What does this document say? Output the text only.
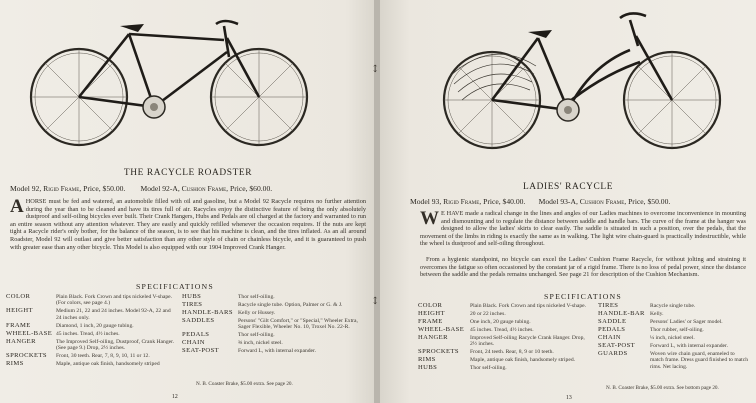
THE RACYCLE ROADSTER
Model 92, Rigid Frame, Price, $50.00. Model 92-A, Cushion Frame, Price, $60.00.
AHORSE must be fed and watered, an automobile filled with oil and gasoline, but a Model 92 Racycle requires no further attention during the year than to be cleaned and have its tires full of air. Racycles enjoy the distinctive feature of being the only absolutely dustproof and self-oiling bicycles ever built. Their Crank Hangers, Hubs and Pedals are oil charged at the factory and warranted to run an entire season without any attention whatever. They are easily and quickly refilled whenever the occasion requires. If the nuts are kept tight a Racycle rider's only bother, for the balance of the season, is to see that his machine is clean, and the tires inflated. As an all around Roadster, Model 92 will outlast and give better satisfaction than any other style of chain or chainless bicycle, and it is guaranteed to push with greater ease than any other bicycle. This Model is also equipped with our 1904 Improved Crank Hanger.
SPECIFICATIONS
COLOR	Plain Black. Fork Crown and tips nickeled V-shape. (For colors, see page 4.)
HEIGHT	Medium 21, 22 and 24 inches. Model 92-A, 22 and 24 inches only.
FRAME	Diamond, 1 inch, 20 gauge tubing.
WHEEL-BASE 45 inches. Tread, 4½ inches.
HANGER	The Improved Self-oiling, Dustproof, Crank Hanger. (See page 9.) Drop, 2½ inches.
SPROCKETS	Front, 30 teeth. Rear, 7, 8, 9, 10, 11 or 12.
RIMS	Maple, antique oak finish, handsomely striped
HUBS	Thor self-oiling.
TIRES	Racycle single tube. Option, Palmer or G. & J.
HANDLE-BARS Kelly or Hussey.
SADDLES	Persons' "Gilt Comfort," or "Special," Wheeler Extra, Sager Flexible, Wheeler No. 10, Troxel No. 22-R.
PEDALS	Thor self-oiling.
CHAIN	⅜ inch, nickel steel.
SEAT-POST	Forward L, with internal expander.
N. B. Coaster Brake, $5.00 extra. See page 20.
12
↕
↕
LADIES' RACYCLE
Model 93, Rigid Frame, Price, $40.00. Model 93-A, Cushion Frame, Price, $50.00.
W E HAVE made a radical change in the lines and angles of our Ladies machines to overcome inconvenience in mounting and dismounting and to regulate the distance between saddle and handle bars. The curve of the frame at the hanger was designed to allow the ladies' skirts to clear easily. The saddle is situated in such a position, over the pedals, that the movement of the limbs in riding is exactly the same as in walking. The light wire chain-guard is practically indestructible, while the wheel is dustproof and self-oiling throughout.
From a hygienic standpoint, no bicycle can excel the Ladies' Cushion Frame Racycle, for without jolting and straining it overcomes the fatigue so often occasioned by the constant jar of a rigid frame. There is no loss of pedal power, since the distance between the saddle and the pedals remains unchanged. See page 21 for description of the Cushion Mechanism.
SPECIFICATIONS
COLOR	Plain Black. Fork Crown and tips nickeled V-shape.
HEIGHT	20 or 22 inches.
FRAME	One inch, 20 gauge tubing.
WHEEL-BASE	45 inches. Tread, 4½ inches.
HANGER	Improved Self-oiling Racycle Crank Hanger. Drop, 2½ inches.
SPROCKETS	Front, 24 teeth. Rear, 8, 9 or 10 teeth.
RIMS	Maple, antique oak finish, handsomely striped.
HUBS	Thor self-oiling.
TIRES	Racycle single tube.
HANDLE-BAR Kelly.
SADDLE	Persons' Ladies' or Sager model.
PEDALS	Thor rubber, self-oiling.
CHAIN	¼ inch, nickel steel.
SEAT-POST	Forward L, with internal expander.
GUARDS	Woven wire chain guard, enameled to match frame. Dress guard finished to match rims. Net lacing.
N. B. Coaster Brake, $5.00 extra. See bottom page 20.
13
